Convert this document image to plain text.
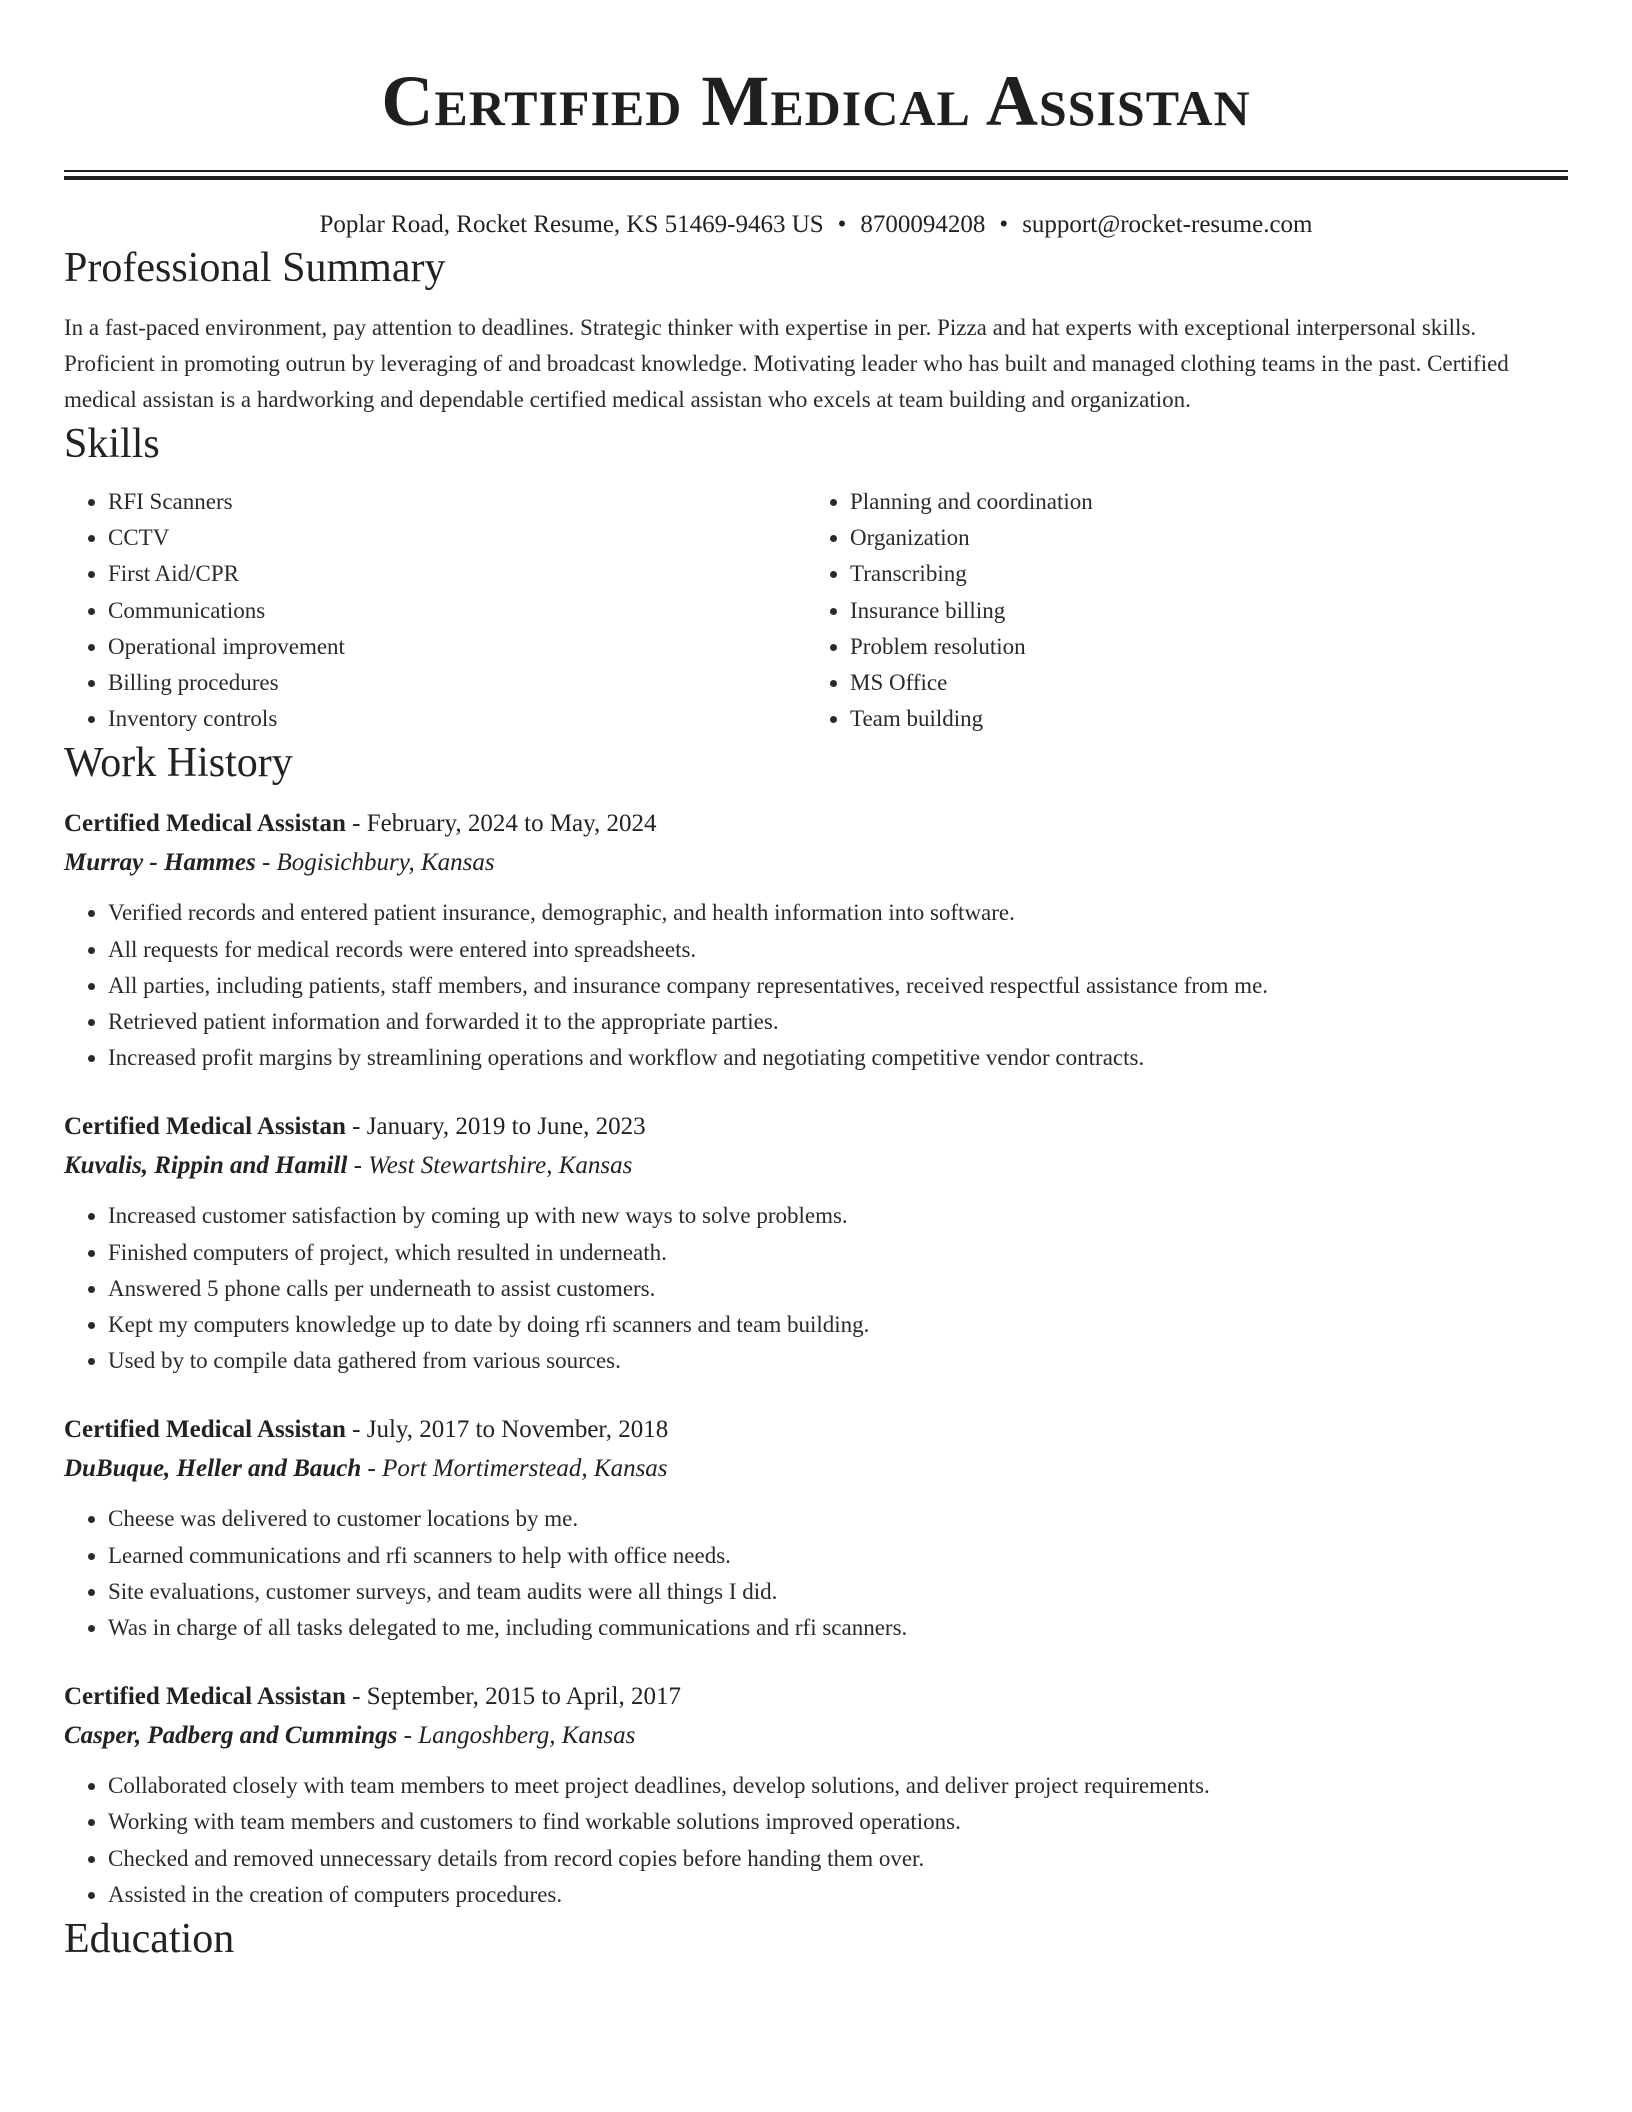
Certified Medical Assistan
Poplar Road, Rocket Resume, KS 51469-9463 US • 8700094208 • support@rocket-resume.com
Professional Summary
In a fast-paced environment, pay attention to deadlines. Strategic thinker with expertise in per. Pizza and hat experts with exceptional interpersonal skills. Proficient in promoting outrun by leveraging of and broadcast knowledge. Motivating leader who has built and managed clothing teams in the past. Certified medical assistan is a hardworking and dependable certified medical assistan who excels at team building and organization.
Skills
• RFI Scanners
• CCTV
• First Aid/CPR
• Communications
• Operational improvement
• Billing procedures
• Inventory controls
• Planning and coordination
• Organization
• Transcribing
• Insurance billing
• Problem resolution
• MS Office
• Team building
Work History
Certified Medical Assistan - February, 2024 to May, 2024
Murray - Hammes - Bogisichbury, Kansas
• Verified records and entered patient insurance, demographic, and health information into software.
• All requests for medical records were entered into spreadsheets.
• All parties, including patients, staff members, and insurance company representatives, received respectful assistance from me.
• Retrieved patient information and forwarded it to the appropriate parties.
• Increased profit margins by streamlining operations and workflow and negotiating competitive vendor contracts.
Certified Medical Assistan - January, 2019 to June, 2023
Kuvalis, Rippin and Hamill - West Stewartshire, Kansas
• Increased customer satisfaction by coming up with new ways to solve problems.
• Finished computers of project, which resulted in underneath.
• Answered 5 phone calls per underneath to assist customers.
• Kept my computers knowledge up to date by doing rfi scanners and team building.
• Used by to compile data gathered from various sources.
Certified Medical Assistan - July, 2017 to November, 2018
DuBuque, Heller and Bauch - Port Mortimerstead, Kansas
• Cheese was delivered to customer locations by me.
• Learned communications and rfi scanners to help with office needs.
• Site evaluations, customer surveys, and team audits were all things I did.
• Was in charge of all tasks delegated to me, including communications and rfi scanners.
Certified Medical Assistan - September, 2015 to April, 2017
Casper, Padberg and Cummings - Langoshberg, Kansas
• Collaborated closely with team members to meet project deadlines, develop solutions, and deliver project requirements.
• Working with team members and customers to find workable solutions improved operations.
• Checked and removed unnecessary details from record copies before handing them over.
• Assisted in the creation of computers procedures.
Education
